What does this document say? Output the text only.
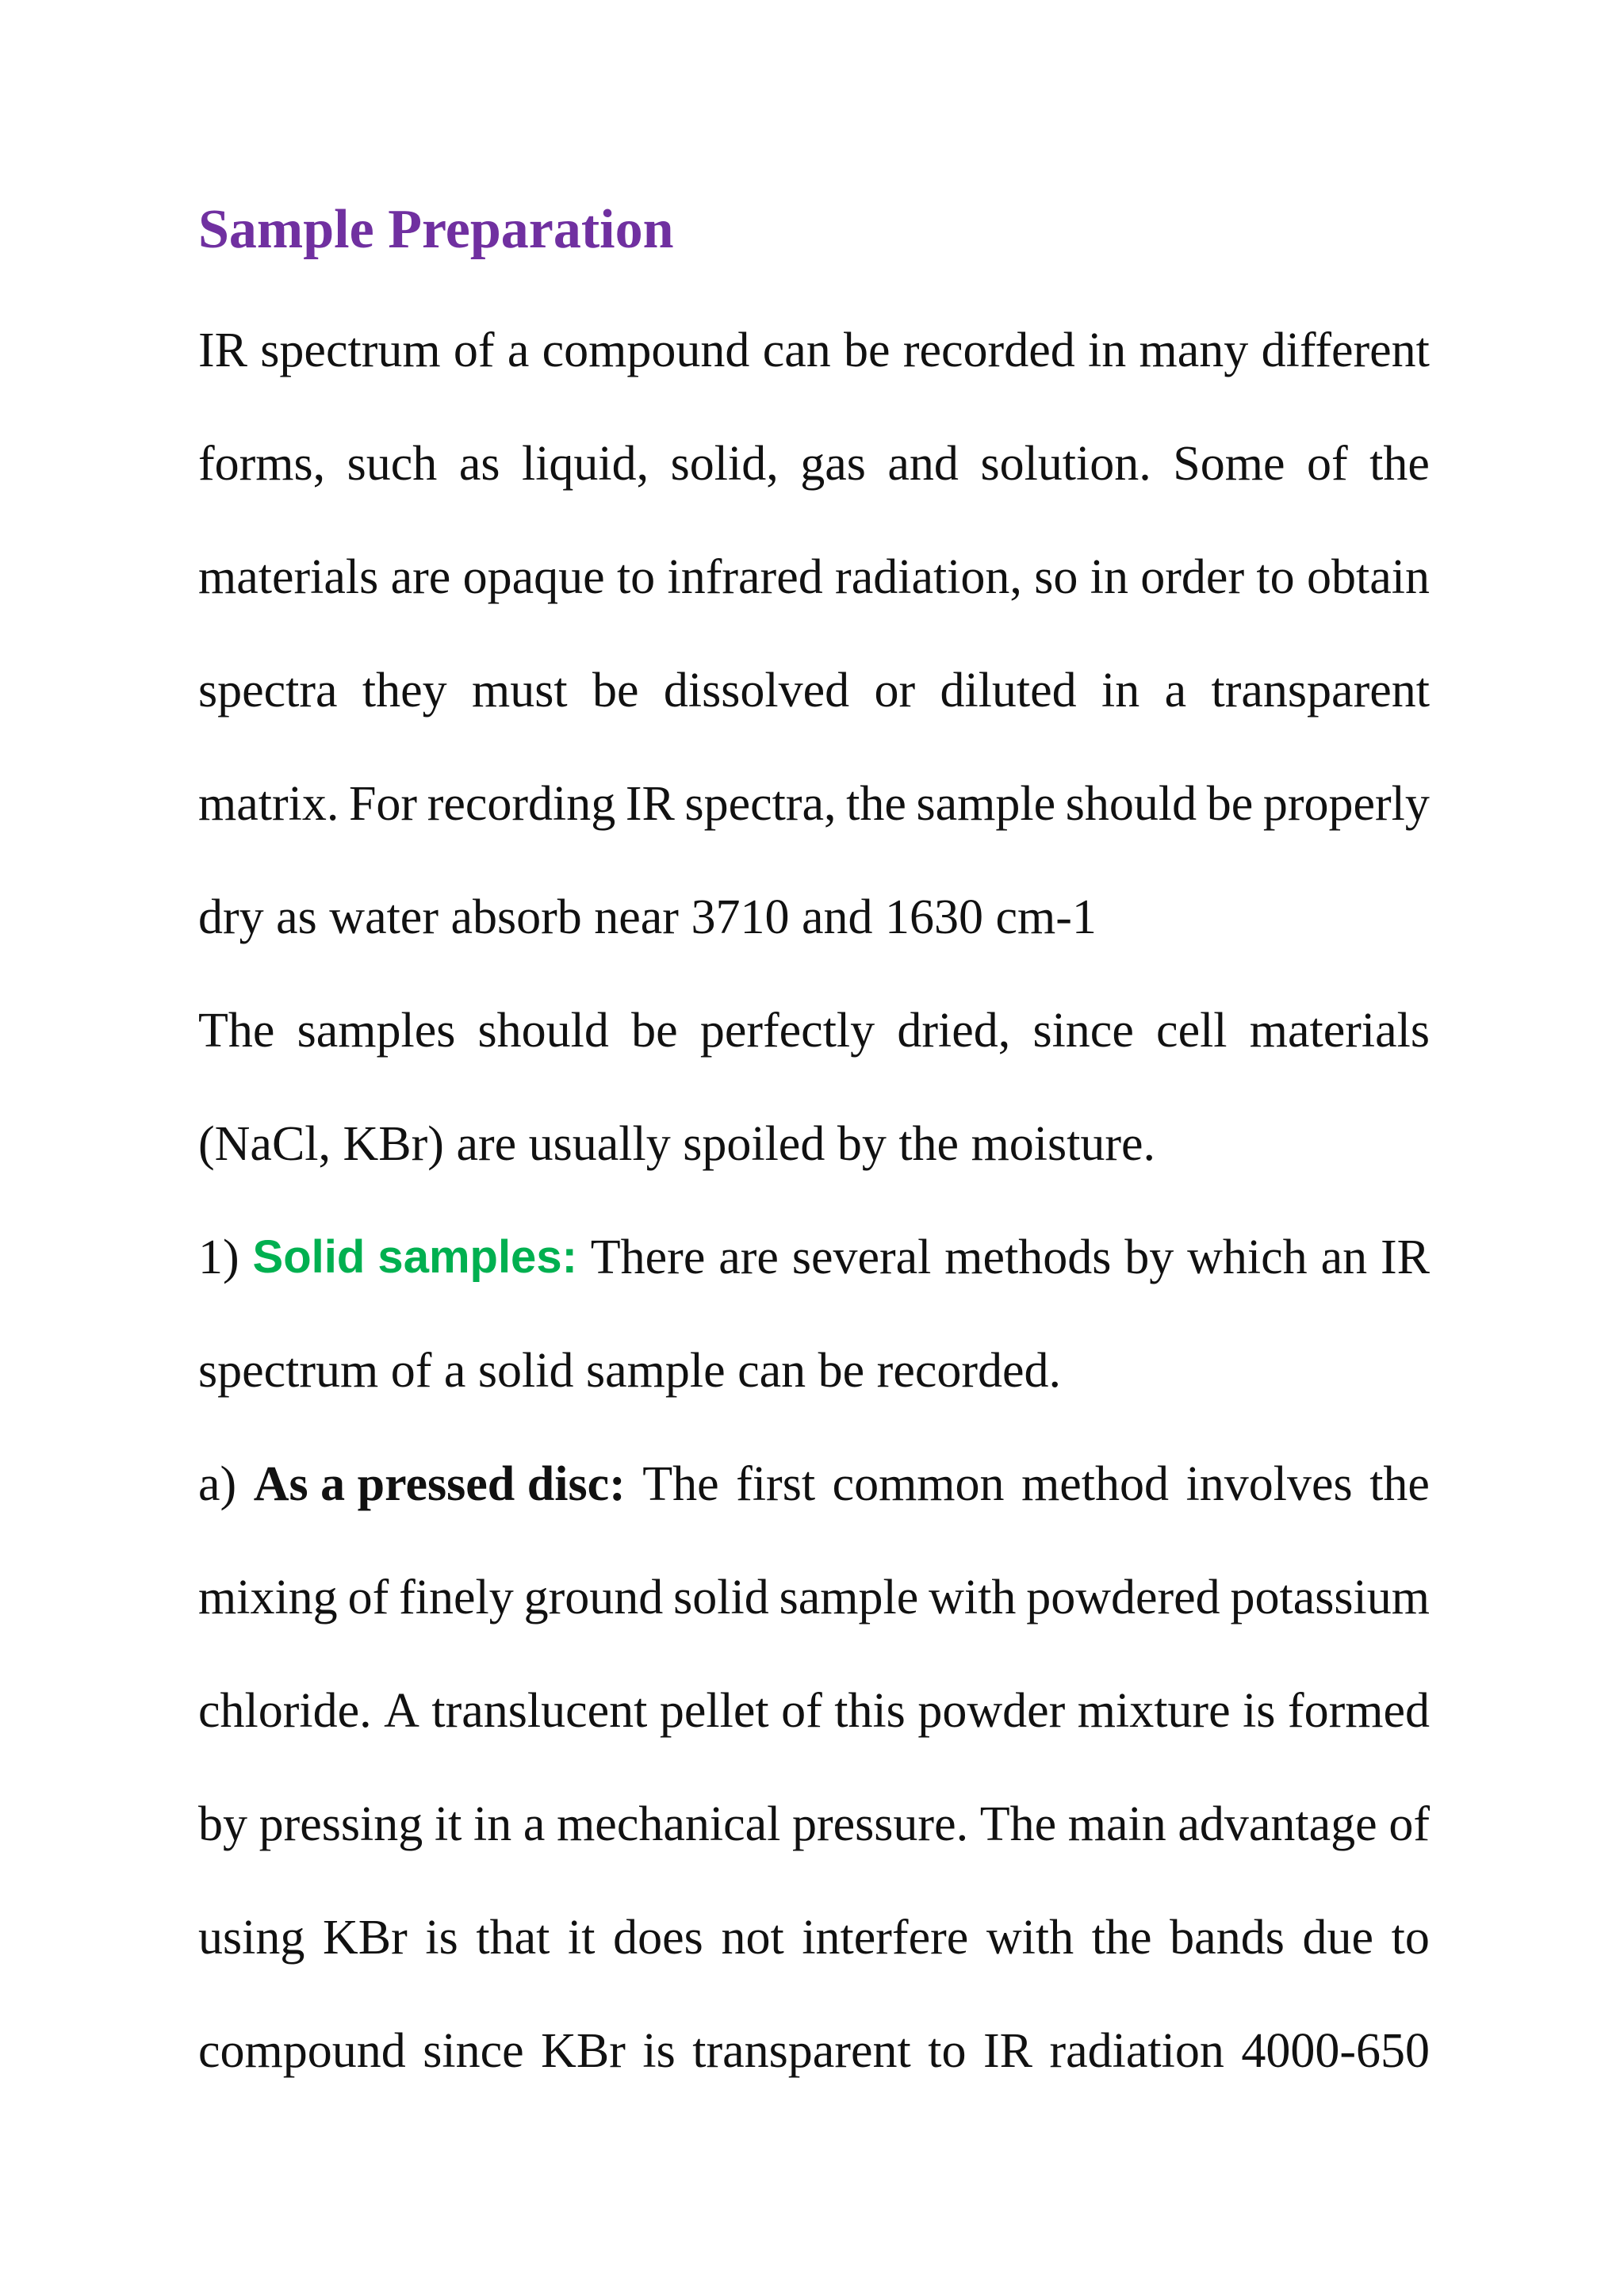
Sample Preparation

IR spectrum of a compound can be recorded in many different

forms, such as liquid, solid, gas and solution. Some of the

materials are opaque to infrared radiation, so in order to obtain

spectra they must be dissolved or diluted in a transparent

matrix. For recording IR spectra, the sample should be properly

dry as water absorb near 3710 and 1630 cm-1

The samples should be perfectly dried, since cell materials

(NaCl, KBr) are usually spoiled by the moisture.

1) Solid samples: There are several methods by which an IR

spectrum of a solid sample can be recorded.

a) As a pressed disc: The first common method involves the

mixing of finely ground solid sample with powdered potassium

chloride. A translucent pellet of this powder mixture is formed

by pressing it in a mechanical pressure. The main advantage of

using KBr is that it does not interfere with the bands due to

compound since KBr is transparent to IR radiation 4000-650
